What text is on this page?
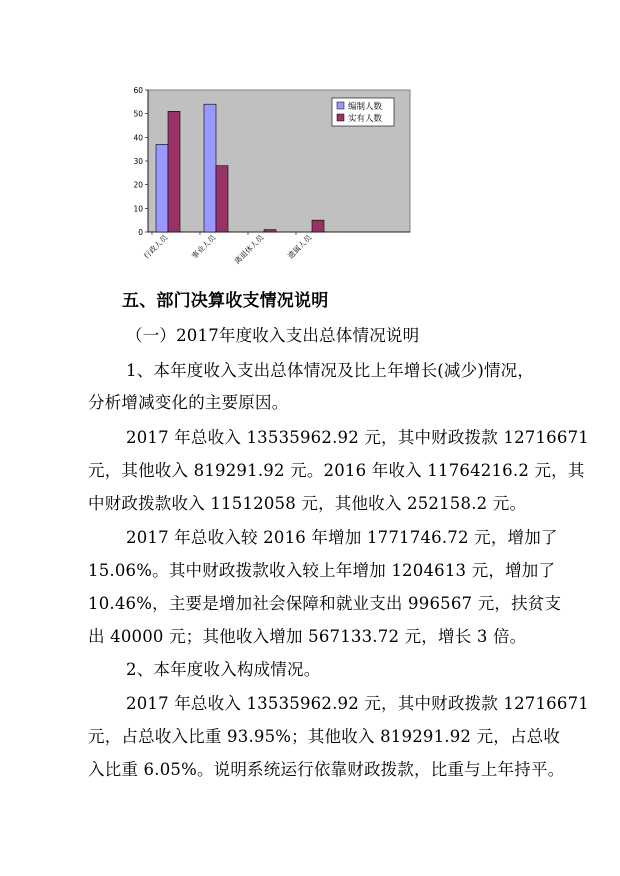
0
10
20
30
40
50
60
行政人员	事业人员 离退休人员	遗属人员
编制人数
实有人数
五、部门决算收支情况说明
（一）2017年度收入支出总体情况说明
1、本年度收入支出总体情况及比上年增长(减少)情况，
分析增减变化的主要原因。
2017 年总收入 13535962.92 元，其中财政拨款 12716671
元，其他收入 819291.92 元。2016 年收入 11764216.2 元，其
中财政拨款收入 11512058 元，其他收入 252158.2 元。
2017 年总收入较 2016 年增加 1771746.72 元，增加了
15.06%。其中财政拨款收入较上年增加 1204613 元，增加了
10.46%，主要是增加社会保障和就业支出 996567 元，扶贫支
出 40000 元；其他收入增加 567133.72 元，增长 3 倍。
2、本年度收入构成情况。
2017 年总收入 13535962.92 元，其中财政拨款 12716671
元，占总收入比重 93.95%；其他收入 819291.92 元，占总收
入比重 6.05%。说明系统运行依靠财政拨款，比重与上年持平。
